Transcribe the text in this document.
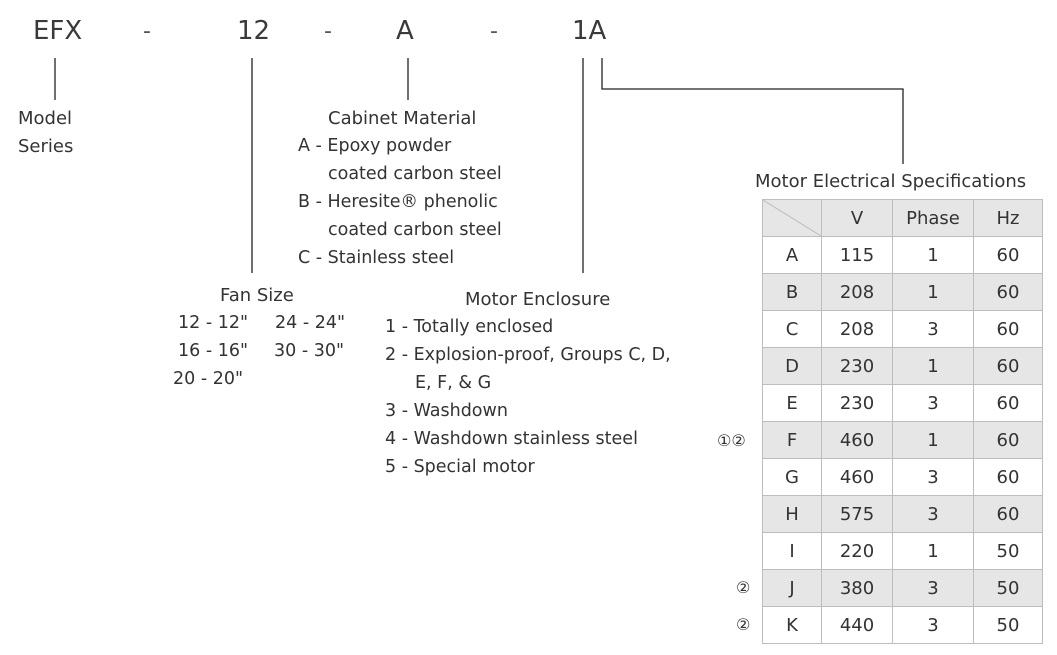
EFX	-	12 - A	-	1A
Model
Series
Cabinet Material
A - Epoxy powder
coated carbon steel
B - Heresite® phenolic
coated carbon steel
C - Stainless steel
Fan Size
12 - 12" 24 - 24"
16 - 16" 30 - 30"
20 - 20"
Motor Enclosure
1 - Totally enclosed
2 - Explosion-proof, Groups C, D,
E, F, & G
3 - Washdown
4 - Washdown stainless steel
5 - Special motor
Motor Electrical Specifications
	V	Phase	Hz
A	115	1	60
B	208	1	60
C	208	3	60
D	230	1	60
E	230	3	60
F	460	1	60
G	460	3	60
H	575	3	60
I	220	1	50
J	380	3	50
K	440	3	50
①②
②
②
